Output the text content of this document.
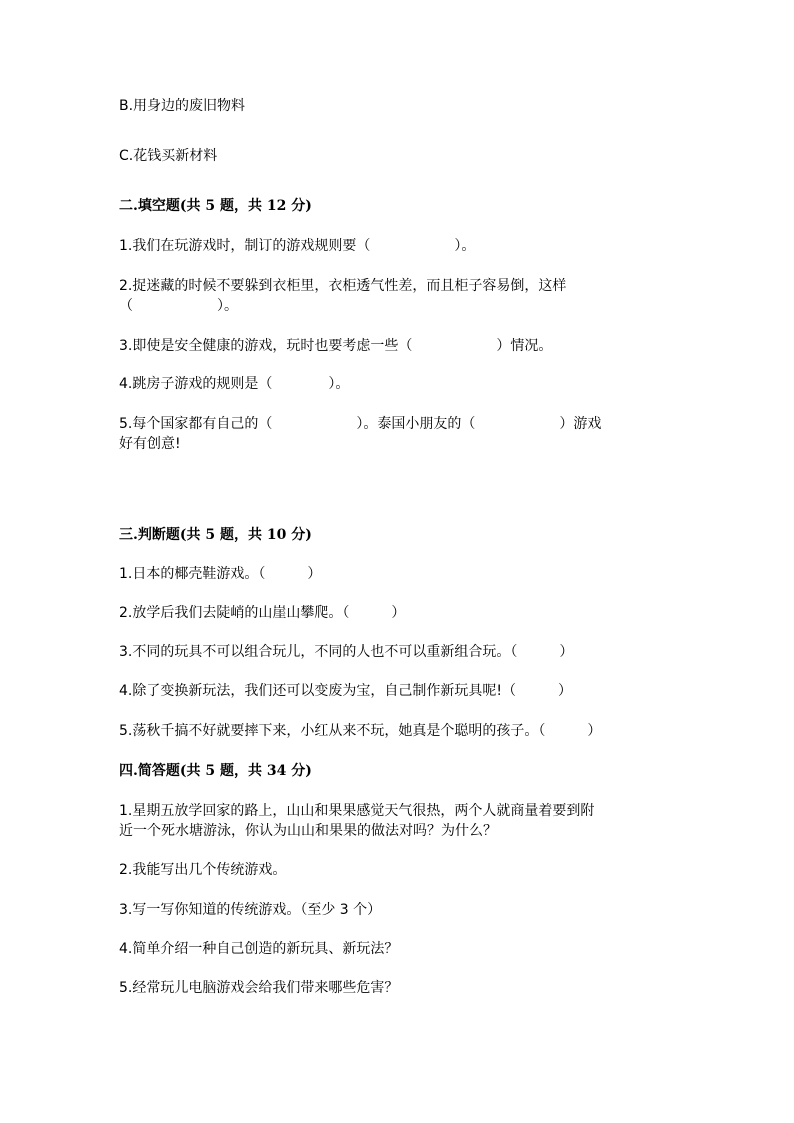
B.用身边的废旧物料
C.花钱买新材料
二.填空题(共 5 题，共 12 分)
1.我们在玩游戏时，制订的游戏规则要（　　　　　　）。
2.捉迷藏的时候不要躲到衣柜里，衣柜透气性差，而且柜子容易倒，这样
（　　　　　　）。
3.即使是安全健康的游戏，玩时也要考虑一些（　　　　　　）情况。
4.跳房子游戏的规则是（　　　　）。
5.每个国家都有自己的（　　　　　　）。泰国小朋友的（　　　　　　）游戏
好有创意!
三.判断题(共 5 题，共 10 分)
1.日本的椰壳鞋游戏。（　　　）
2.放学后我们去陡峭的山崖山攀爬。（　　　）
3.不同的玩具不可以组合玩儿，不同的人也不可以重新组合玩。（　　　）
4.除了变换新玩法，我们还可以变废为宝，自己制作新玩具呢!（　　　）
5.荡秋千搞不好就要摔下来，小红从来不玩，她真是个聪明的孩子。（　　　）
四.简答题(共 5 题，共 34 分)
1.星期五放学回家的路上，山山和果果感觉天气很热，两个人就商量着要到附
近一个死水塘游泳，你认为山山和果果的做法对吗？为什么？
2.我能写出几个传统游戏。
3.写一写你知道的传统游戏。（至少 3 个）
4.简单介绍一种自己创造的新玩具、新玩法？
5.经常玩儿电脑游戏会给我们带来哪些危害？
